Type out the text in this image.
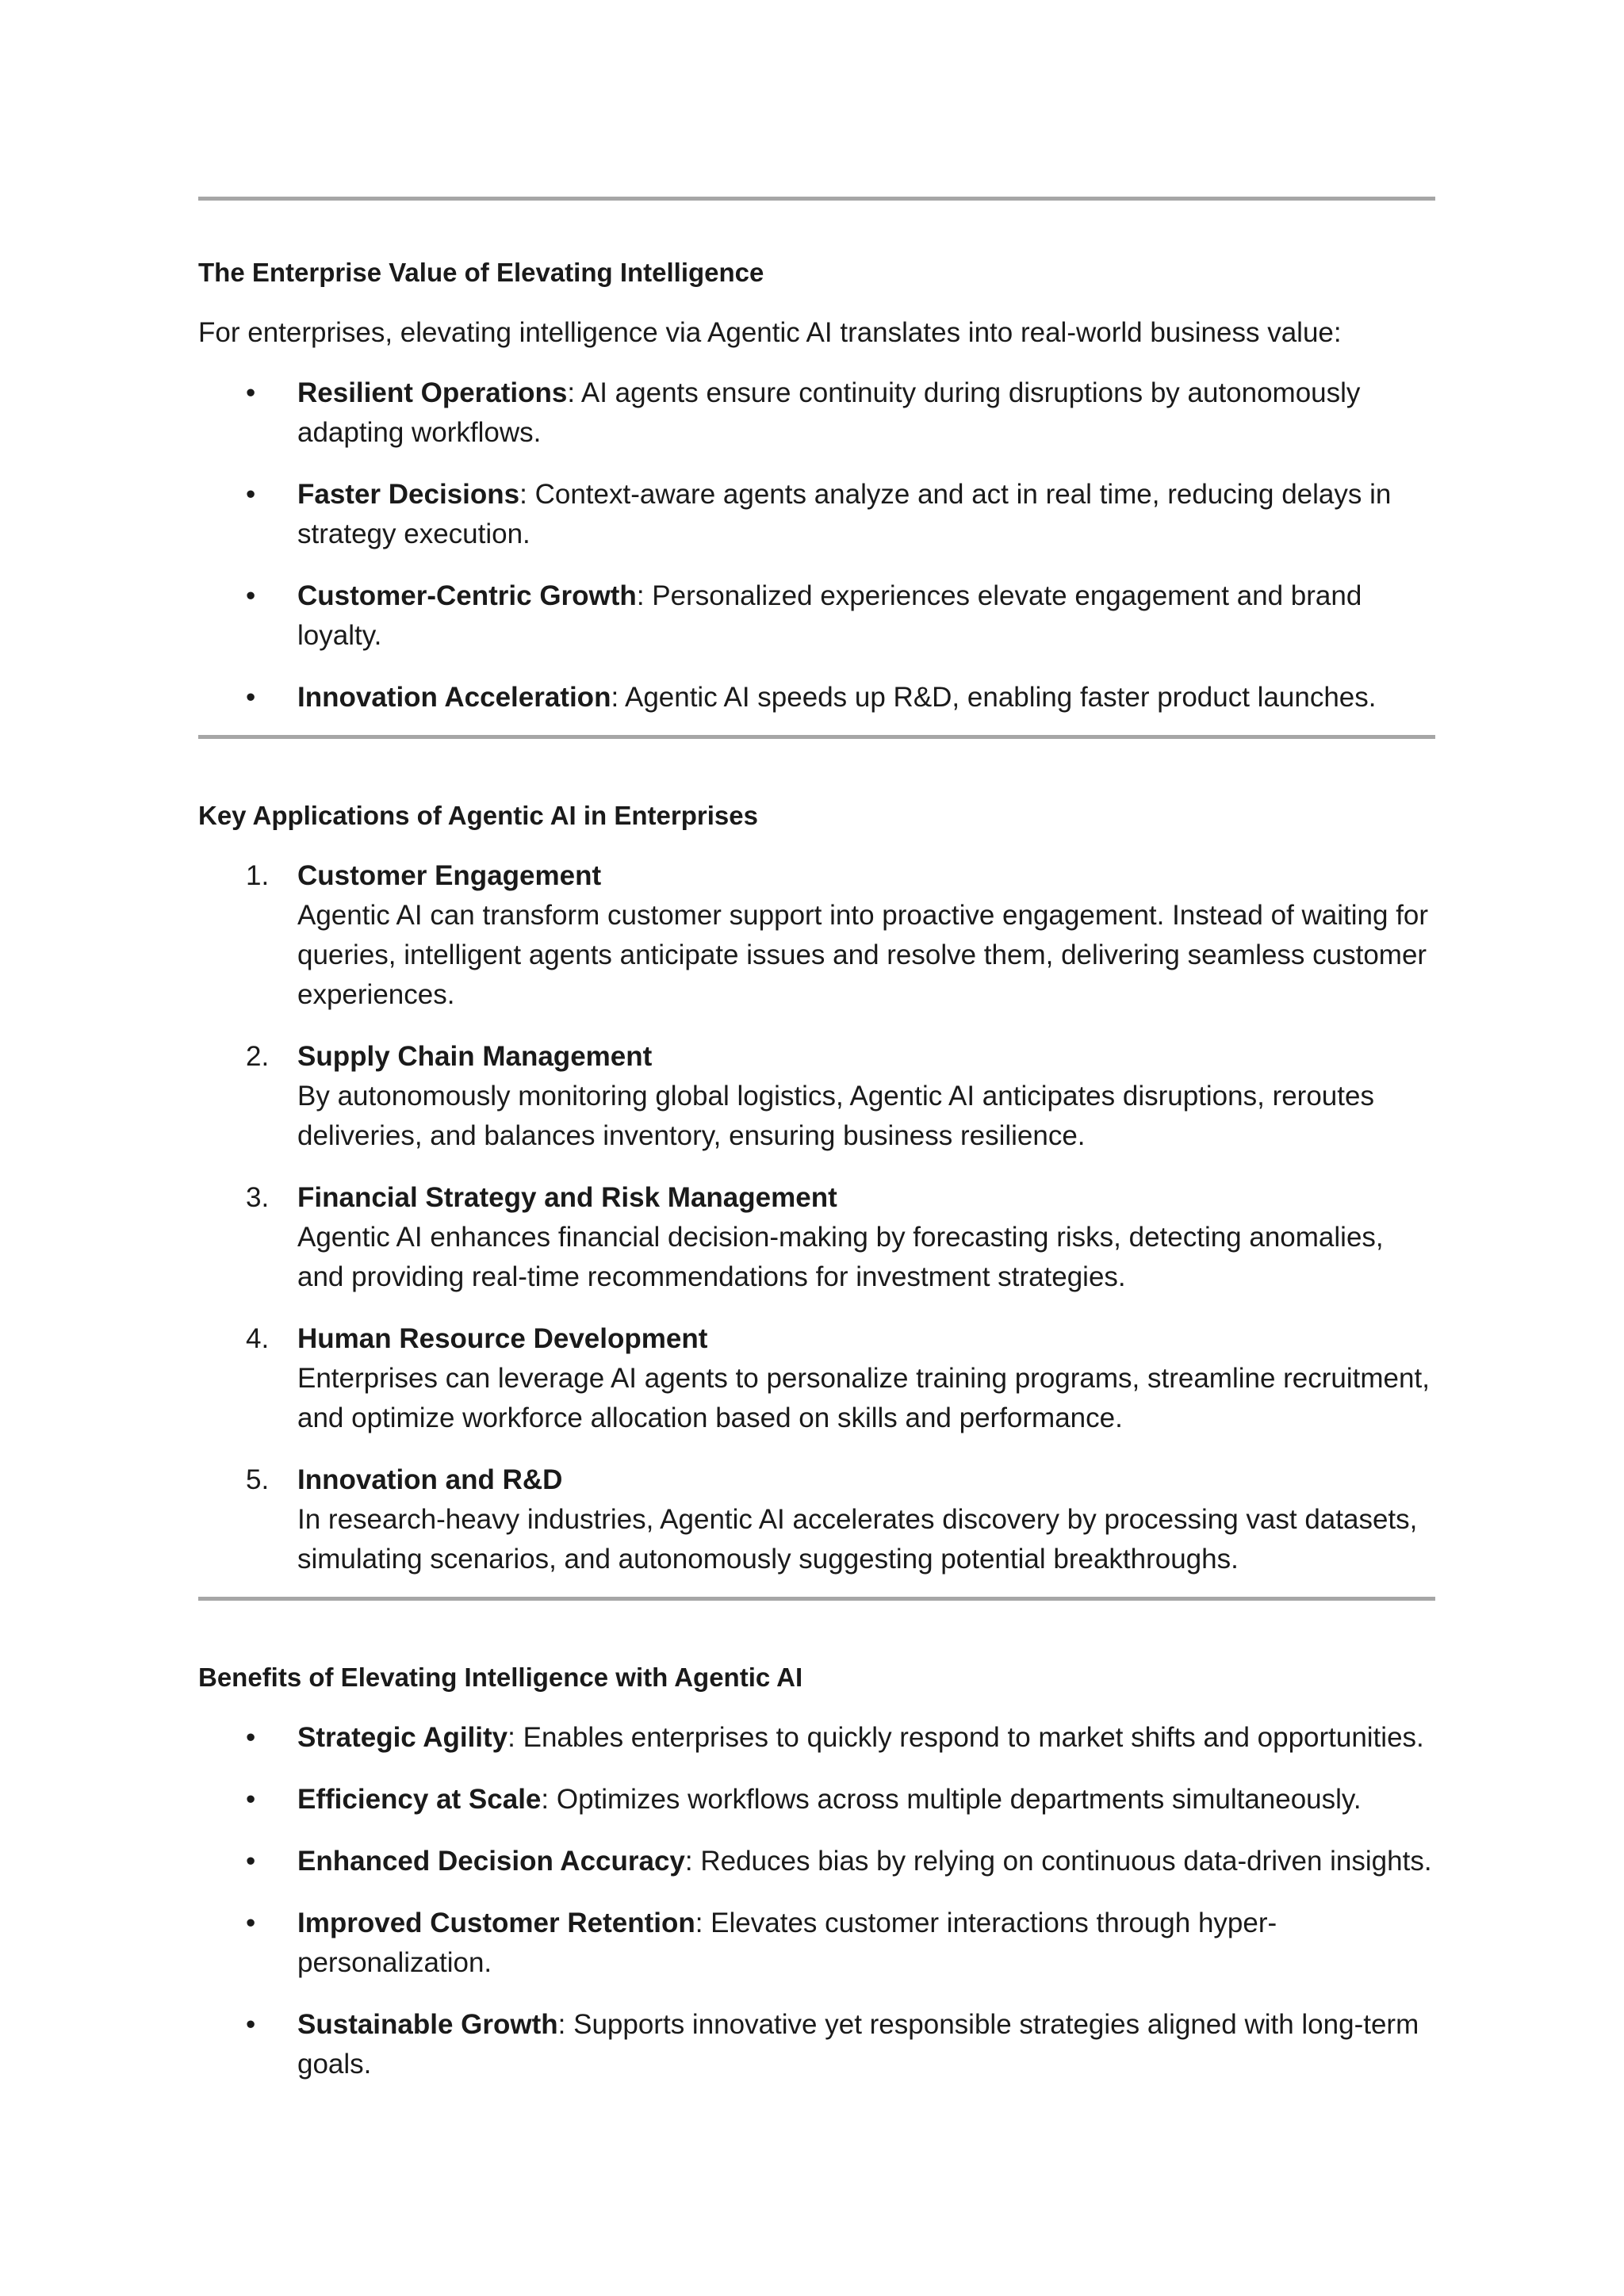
The Enterprise Value of Elevating Intelligence

For enterprises, elevating intelligence via Agentic AI translates into real-world business value:

•	Resilient Operations: AI agents ensure continuity during disruptions by autonomously adapting workflows.
•	Faster Decisions: Context-aware agents analyze and act in real time, reducing delays in strategy execution.
•	Customer-Centric Growth: Personalized experiences elevate engagement and brand loyalty.
•	Innovation Acceleration: Agentic AI speeds up R&D, enabling faster product launches.
Key Applications of Agentic AI in Enterprises
1.	Customer Engagement
Agentic AI can transform customer support into proactive engagement. Instead of waiting for queries, intelligent agents anticipate issues and resolve them, delivering seamless customer experiences.
2.	Supply Chain Management
By autonomously monitoring global logistics, Agentic AI anticipates disruptions, reroutes deliveries, and balances inventory, ensuring business resilience.
3.	Financial Strategy and Risk Management
Agentic AI enhances financial decision-making by forecasting risks, detecting anomalies, and providing real-time recommendations for investment strategies.
4.	Human Resource Development
Enterprises can leverage AI agents to personalize training programs, streamline recruitment, and optimize workforce allocation based on skills and performance.
5.	Innovation and R&D
In research-heavy industries, Agentic AI accelerates discovery by processing vast datasets, simulating scenarios, and autonomously suggesting potential breakthroughs.
Benefits of Elevating Intelligence with Agentic AI
•	Strategic Agility: Enables enterprises to quickly respond to market shifts and opportunities.
•	Efficiency at Scale: Optimizes workflows across multiple departments simultaneously.
•	Enhanced Decision Accuracy: Reduces bias by relying on continuous data-driven insights.
•	Improved Customer Retention: Elevates customer interactions through hyper-personalization.
•	Sustainable Growth: Supports innovative yet responsible strategies aligned with long-term goals.
